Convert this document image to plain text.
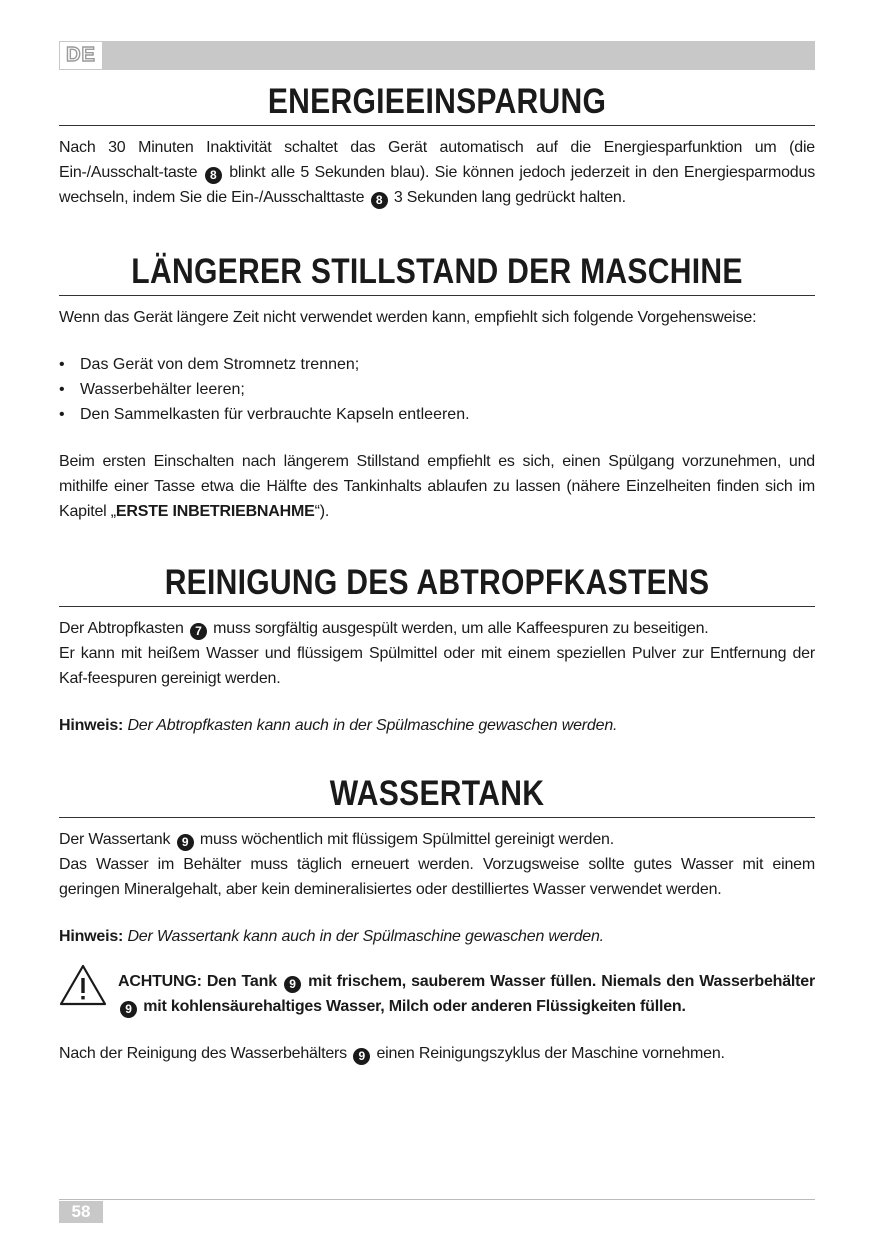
DE
ENERGIEEINSPARUNG

Nach 30 Minuten Inaktivität schaltet das Gerät automatisch auf die Energiesparfunktion um (die Ein-/Ausschalt-taste 8 blinkt alle 5 Sekunden blau). Sie können jedoch jederzeit in den Energiesparmodus wechseln, indem Sie die Ein-/Ausschalttaste 8 3 Sekunden lang gedrückt halten.

LÄNGERER STILLSTAND DER MASCHINE

Wenn das Gerät längere Zeit nicht verwendet werden kann, empfiehlt sich folgende Vorgehensweise:

• Das Gerät von dem Stromnetz trennen;
• Wasserbehälter leeren;
• Den Sammelkasten für verbrauchte Kapseln entleeren.

Beim ersten Einschalten nach längerem Stillstand empfiehlt es sich, einen Spülgang vorzunehmen, und mithilfe einer Tasse etwa die Hälfte des Tankinhalts ablaufen zu lassen (nähere Einzelheiten finden sich im Kapitel „ERSTE INBETRIEBNAHME“).

REINIGUNG DES ABTROPFKASTENS

Der Abtropfkasten 7 muss sorgfältig ausgespült werden, um alle Kaffeespuren zu beseitigen.

Er kann mit heißem Wasser und flüssigem Spülmittel oder mit einem speziellen Pulver zur Entfernung der Kaf-feespuren gereinigt werden.

Hinweis: Der Abtropfkasten kann auch in der Spülmaschine gewaschen werden.

WASSERTANK

Der Wassertank 9 muss wöchentlich mit flüssigem Spülmittel gereinigt werden.

Das Wasser im Behälter muss täglich erneuert werden. Vorzugsweise sollte gutes Wasser mit einem geringen Mineralgehalt, aber kein demineralisiertes oder destilliertes Wasser verwendet werden.

Hinweis: Der Wassertank kann auch in der Spülmaschine gewaschen werden.

ACHTUNG: Den Tank 9 mit frischem, sauberem Wasser füllen. Niemals den Wasserbehälter 9 mit kohlensäurehaltiges Wasser, Milch oder anderen Flüssigkeiten füllen.

Nach der Reinigung des Wasserbehälters 9 einen Reinigungszyklus der Maschine vornehmen.

58
